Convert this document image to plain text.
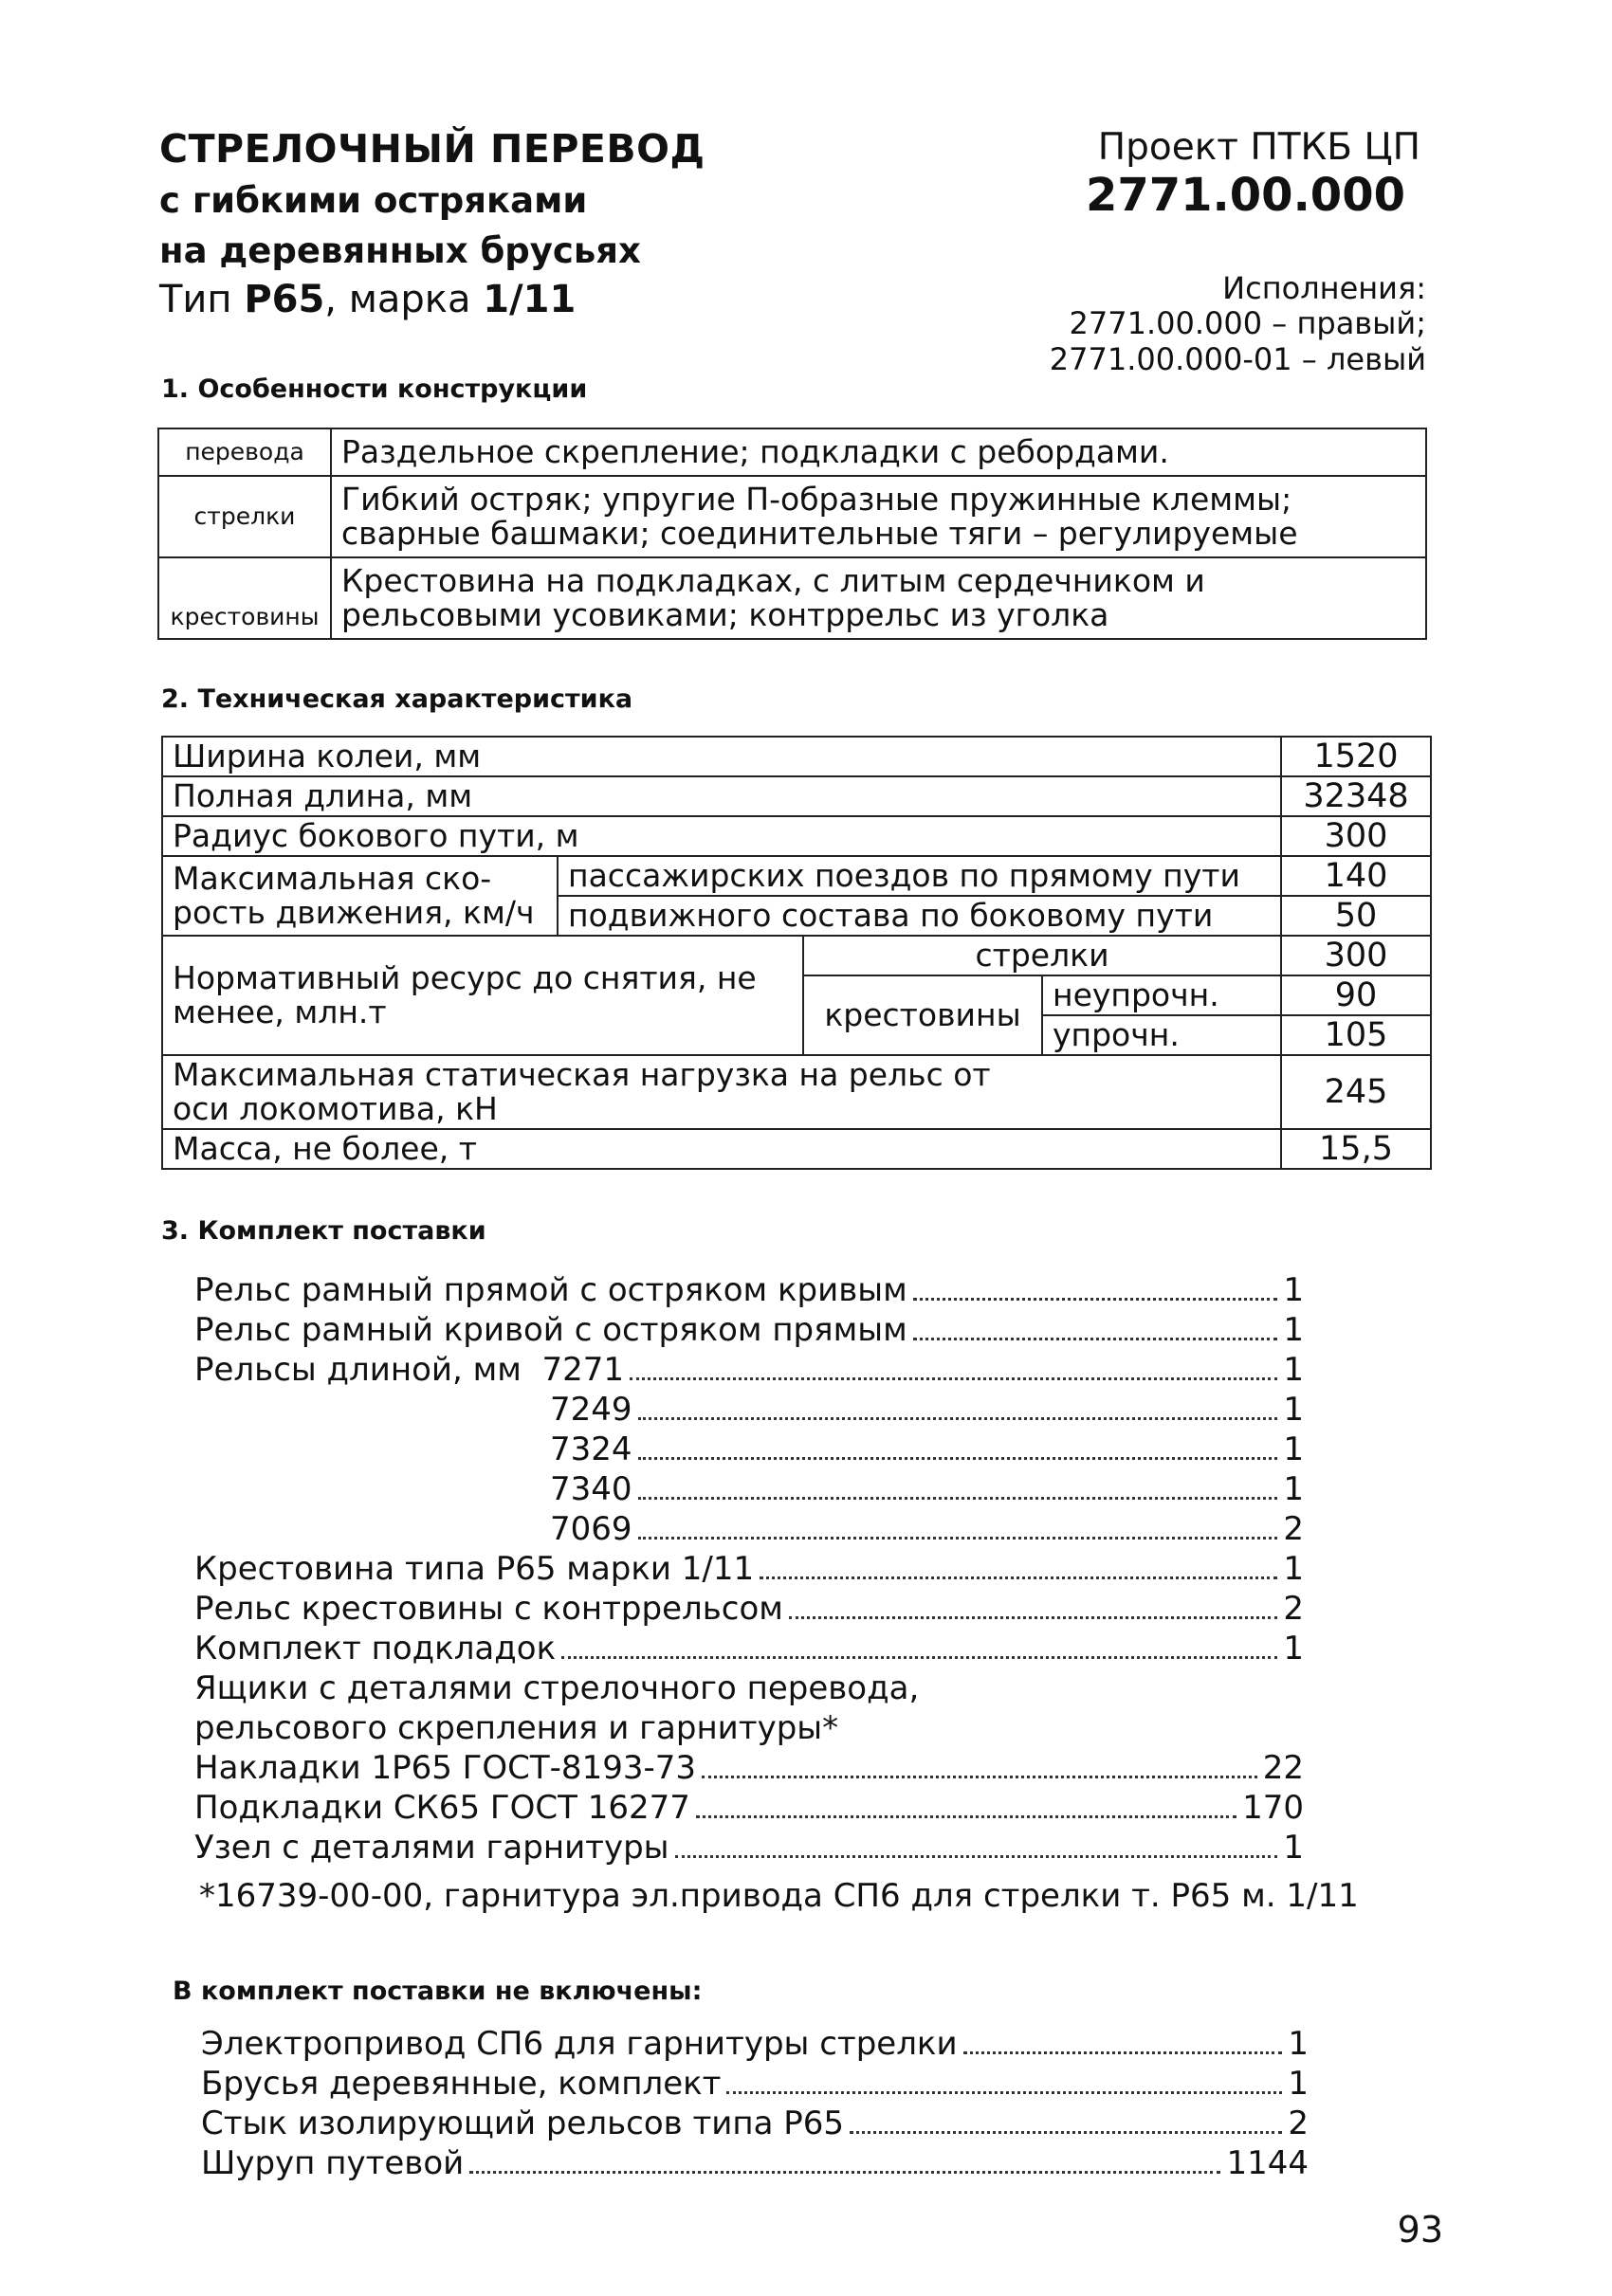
СТРЕЛОЧНЫЙ ПЕРЕВОД
с гибкими остряками
на деревянных брусьях
Тип Р65, марка 1/11
Проект ПТКБ ЦП
2771.00.000
Исполнения:
2771.00.000 – правый;
2771.00.000-01 – левый
1. Особенности конструкции
перевода	Раздельное скрепление; подкладки с ребордами.
стрелки	Гибкий остряк; упругие П-образные пружинные клеммы; сварные башмаки; соединительные тяги – регулируемые
крестовины	Крестовина на подкладках, с литым сердечником и рельсовыми усовиками; контррельс из уголка
2. Техническая характеристика
Ширина колеи, мм				1520
Полная длина, мм				32348
Радиус бокового пути, м				300
Максимальная ско-рость движения, км/ч	пассажирских поездов по прямому пути			140
	подвижного состава по боковому пути			50
Нормативный ресурс до снятия, не менее, млн.т		стрелки		300
		крестовины	неупрочн.	90
			упрочн.	105
Максимальная статическая нагрузка на рельс от оси локомотива, кН				245
Масса, не более, т				15,5
3. Комплект поставки
Рельс рамный прямой с остряком кривым	1
Рельс рамный кривой с остряком прямым	1
Рельсы длиной, мм  7271	1
7249	1
7324	1
7340	1
7069	2
Крестовина типа Р65 марки 1/11	1
Рельс крестовины с контррельсом	2
Комплект подкладок	1
Ящики с деталями стрелочного перевода,
рельсового скрепления и гарнитуры*
Накладки 1Р65 ГОСТ-8193-73	22
Подкладки СК65 ГОСТ 16277	170
Узел с деталями гарнитуры	1
*16739-00-00, гарнитура эл.привода СП6 для стрелки т. Р65 м. 1/11
В комплект поставки не включены:
Электропривод СП6 для гарнитуры стрелки	1
Брусья деревянные, комплект	1
Стык изолирующий рельсов типа Р65	2
Шуруп путевой	1144
93
